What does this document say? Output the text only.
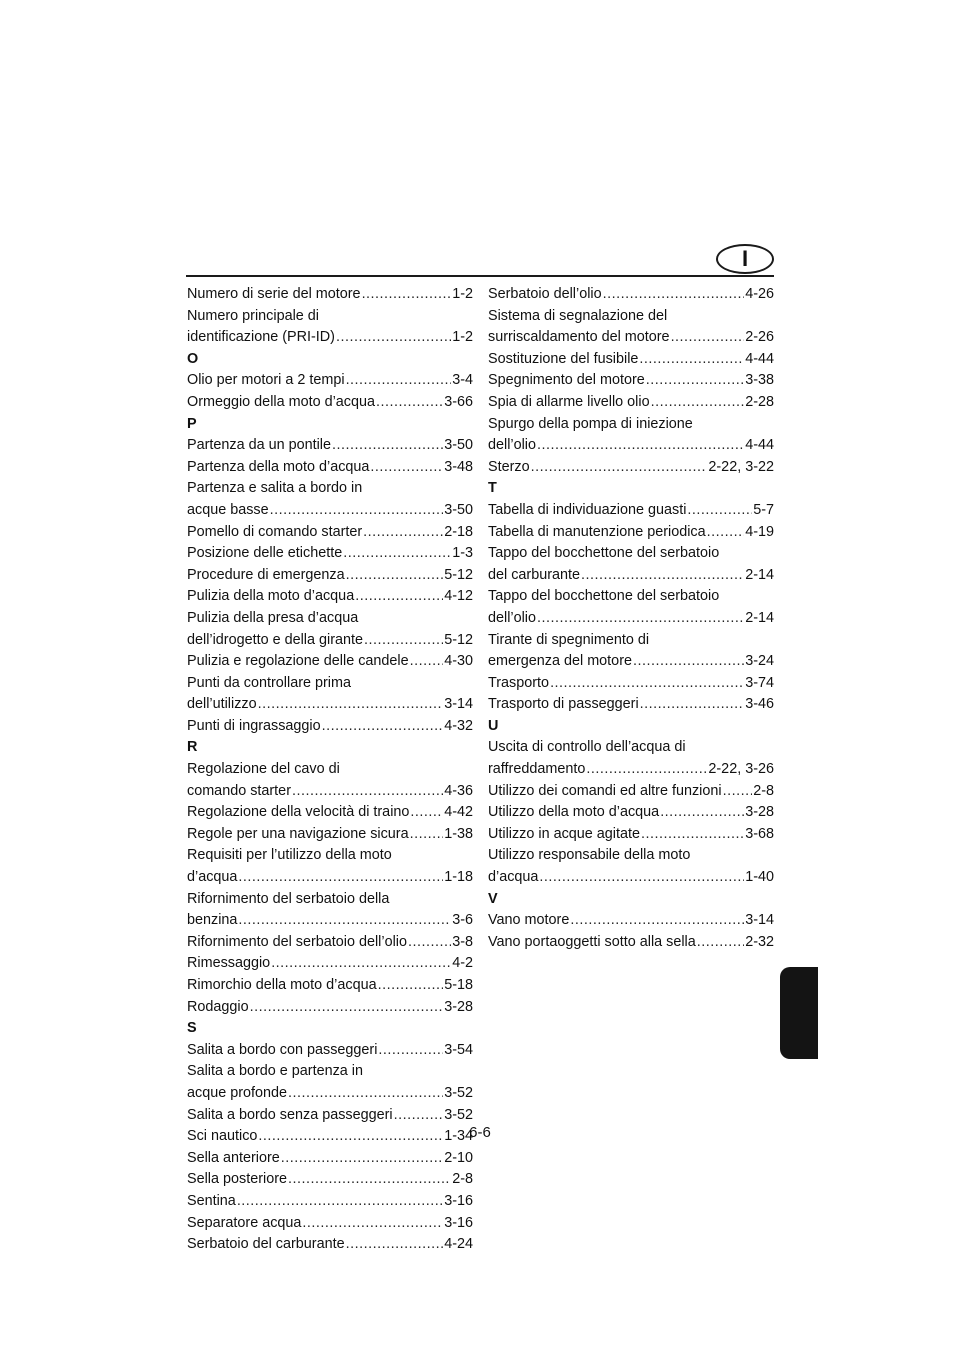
I
Numero di serie del motore .....	1-2
Numero principale di
identificazione (PRI-ID) .....	1-2
O
Olio per motori a 2 tempi .....	3-4
Ormeggio della moto d’acqua .....	3-66
P
Partenza da un pontile .....	3-50
Partenza della moto d’acqua .....	3-48
Partenza e salita a bordo in
acque basse .....	3-50
Pomello di comando starter .....	2-18
Posizione delle etichette .....	1-3
Procedure di emergenza .....	5-12
Pulizia della moto d’acqua .....	4-12
Pulizia della presa d’acqua
dell’idrogetto e della girante .....	5-12
Pulizia e regolazione delle candele ..... 4-30
Punti da controllare prima
dell’utilizzo .....	3-14
Punti di ingrassaggio .....	4-32
R
Regolazione del cavo di
comando starter .....	4-36
Regolazione della velocità di traino ..... 4-42
Regole per una navigazione sicura ..... 1-38
Requisiti per l’utilizzo della moto
d’acqua .....	1-18
Rifornimento del serbatoio della
benzina .....	3-6
Rifornimento del serbatoio dell’olio .....	3-8
Rimessaggio .....	4-2
Rimorchio della moto d’acqua .....	5-18
Rodaggio .....	3-28
S
Salita a bordo con passeggeri .....	3-54
Salita a bordo e partenza in
acque profonde .....	3-52
Salita a bordo senza passeggeri .....	3-52
Sci nautico .....	1-34
Sella anteriore .....	2-10
Sella posteriore .....	2-8
Sentina .....	3-16
Separatore acqua .....	3-16
Serbatoio del carburante .....	4-24
Serbatoio dell’olio .....	4-26
Sistema di segnalazione del
surriscaldamento del motore .....	2-26
Sostituzione del fusibile .....	4-44
Spegnimento del motore .....	3-38
Spia di allarme livello olio .....	2-28
Spurgo della pompa di iniezione
dell’olio .....	4-44
Sterzo .....	2-22, 3-22
T
Tabella di individuazione guasti .....	5-7
Tabella di manutenzione periodica .....	4-19
Tappo del bocchettone del serbatoio
del carburante .....	2-14
Tappo del bocchettone del serbatoio
dell’olio .....	2-14
Tirante di spegnimento di
emergenza del motore .....	3-24
Trasporto .....	3-74
Trasporto di passeggeri .....	3-46
U
Uscita di controllo dell’acqua di
raffreddamento .....	2-22, 3-26
Utilizzo dei comandi ed altre funzioni ..... 2-8
Utilizzo della moto d’acqua .....	3-28
Utilizzo in acque agitate .....	3-68
Utilizzo responsabile della moto
d’acqua .....	1-40
V
Vano motore .....	3-14
Vano portaoggetti sotto alla sella .....	2-32
6-6
